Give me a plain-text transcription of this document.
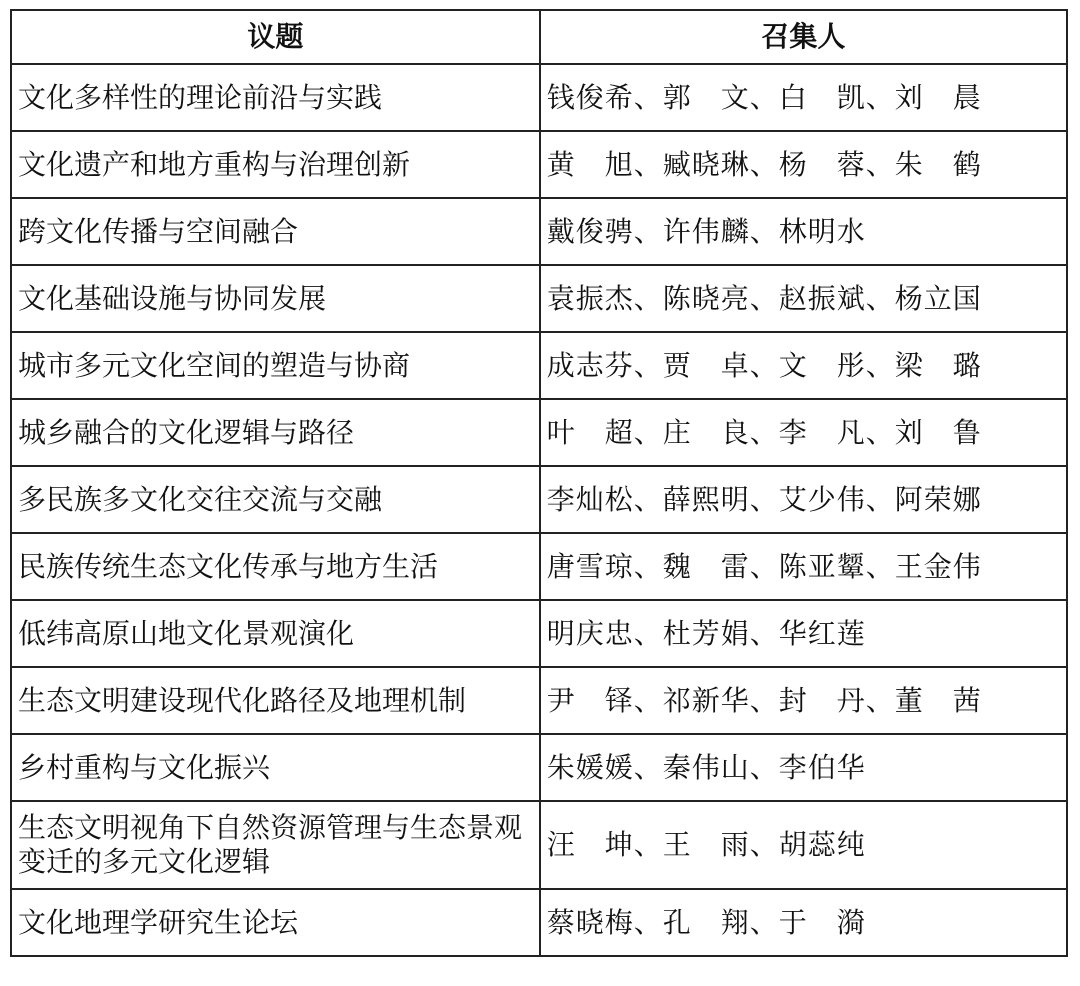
议题	召集人
文化多样性的理论前沿与实践	钱俊希、郭　文、白　凯、刘　晨
文化遗产和地方重构与治理创新	黄　旭、臧晓琳、杨　蓉、朱　鹤
跨文化传播与空间融合	戴俊骋、许伟麟、林明水
文化基础设施与协同发展	袁振杰、陈晓亮、赵振斌、杨立国
城市多元文化空间的塑造与协商	成志芬、贾　卓、文　彤、梁　璐
城乡融合的文化逻辑与路径	叶　超、庄　良、李　凡、刘　鲁
多民族多文化交往交流与交融	李灿松、薛熙明、艾少伟、阿荣娜
民族传统生态文化传承与地方生活	唐雪琼、魏　雷、陈亚颦、王金伟
低纬高原山地文化景观演化	明庆忠、杜芳娟、华红莲
生态文明建设现代化路径及地理机制	尹　铎、祁新华、封　丹、董　茜
乡村重构与文化振兴	朱媛媛、秦伟山、李伯华
生态文明视角下自然资源管理与生态景观变迁的多元文化逻辑	汪　坤、王　雨、胡蕊纯
文化地理学研究生论坛	蔡晓梅、孔　翔、于　漪
